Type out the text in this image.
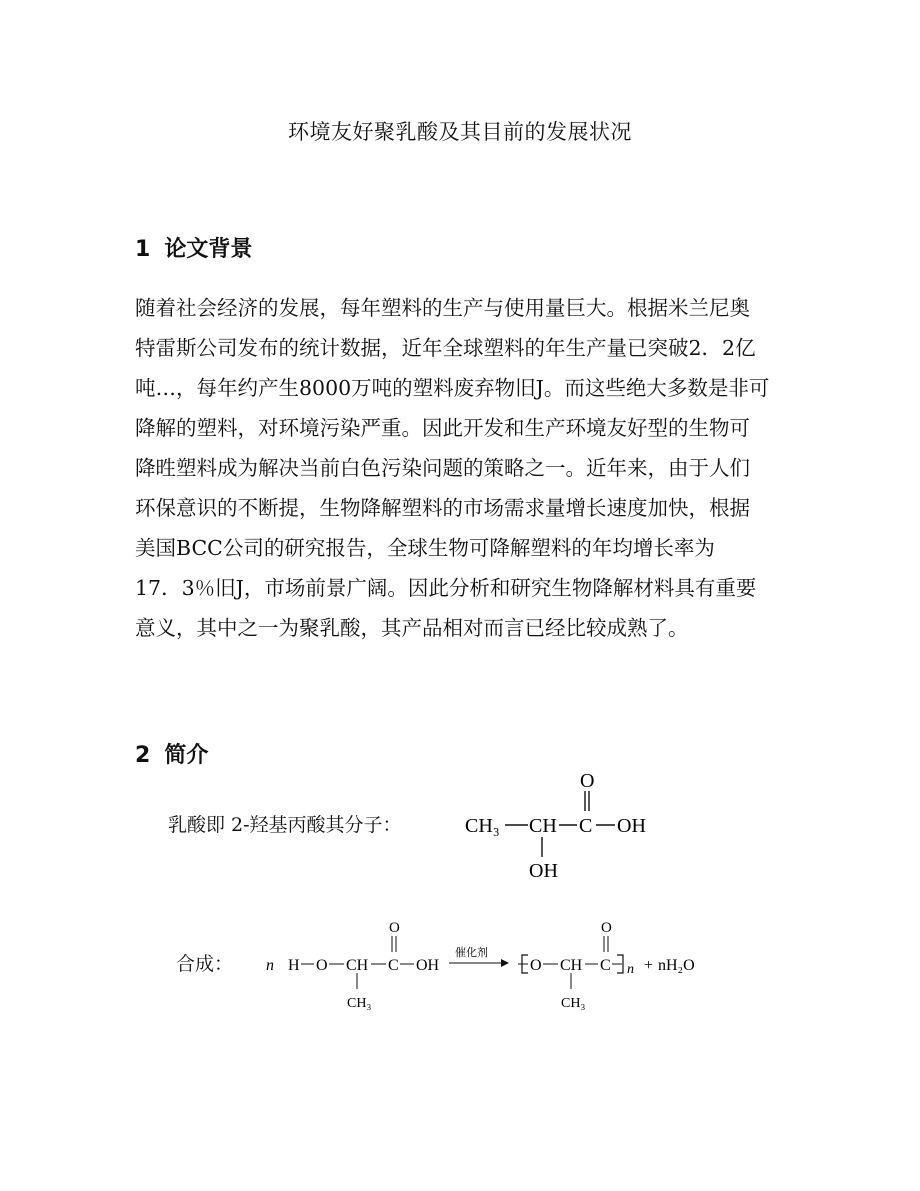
环境友好聚乳酸及其目前的发展状况
1 论文背景
随着社会经济的发展，每年塑料的生产与使用量巨大。根据米兰尼奥
特雷斯公司发布的统计数据，近年全球塑料的年生产量已突破2．2亿
吨…，每年约产生8000万吨的塑料废弃物旧J。而这些绝大多数是非可
降解的塑料，对环境污染严重。因此开发和生产环境友好型的生物可
降甠塑料成为解决当前白色污染问题的策略之一。近年来，由于人们
环保意识的不断提，生物降解塑料的市场需求量增长速度加快，根据
美国BCC公司的研究报告，全球生物可降解塑料的年均增长率为
17．3％旧J，市场前景广阔。因此分析和研究生物降解材料具有重要
意义，其中之一为聚乳酸，其产品相对而言已经比较成熟了。
2 简介
乳酸即 2-羟基丙酸其分子：
O
CH₃ CH C OH
OH
合成： n H O CH C OH
O
CH₃
催化剂
O CH C
O
CH₃
n + nH₂O
